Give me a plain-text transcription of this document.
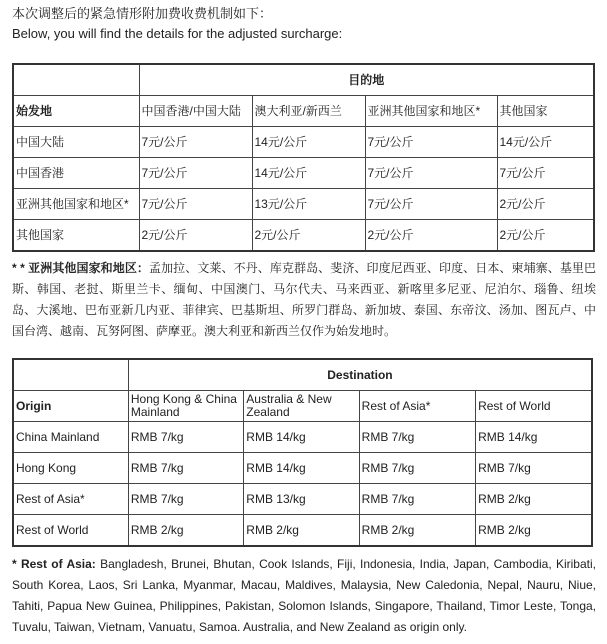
本次调整后的紧急情形附加费收费机制如下：
Below, you will find the details for the adjusted surcharge:
	目的地			
始发地	中国香港/中国大陆	澳大利亚/新西兰	亚洲其他国家和地区*	其他国家
中国大陆	7元/公斤	14元/公斤	7元/公斤	14元/公斤
中国香港	7元/公斤	14元/公斤	7元/公斤	7元/公斤
亚洲其他国家和地区*	7元/公斤	13元/公斤	7元/公斤	2元/公斤
其他国家	2元/公斤	2元/公斤	2元/公斤	2元/公斤
* * 亚洲其他国家和地区：孟加拉、文莱、不丹、库克群岛、斐济、印度尼西亚、印度、日本、柬埔寨、基里巴斯、韩国、老挝、斯里兰卡、缅甸、中国澳门、马尔代夫、马来西亚、新喀里多尼亚、尼泊尔、瑙鲁、纽埃岛、大溪地、巴布亚新几内亚、菲律宾、巴基斯坦、所罗门群岛、新加坡、泰国、东帝汶、汤加、图瓦卢、中国台湾、越南、瓦努阿图、萨摩亚。澳大利亚和新西兰仅作为始发地时。
	Destination			
Origin	Hong Kong & China Mainland	Australia & New Zealand	Rest of Asia*	Rest of World
China Mainland	RMB 7/kg	RMB 14/kg	RMB 7/kg	RMB 14/kg
Hong Kong	RMB 7/kg	RMB 14/kg	RMB 7/kg	RMB 7/kg
Rest of Asia*	RMB 7/kg	RMB 13/kg	RMB 7/kg	RMB 2/kg
Rest of World	RMB 2/kg	RMB 2/kg	RMB 2/kg	RMB 2/kg
* Rest of Asia: Bangladesh, Brunei, Bhutan, Cook Islands, Fiji, Indonesia, India, Japan, Cambodia, Kiribati, South Korea, Laos, Sri Lanka, Myanmar, Macau, Maldives, Malaysia, New Caledonia, Nepal, Nauru, Niue, Tahiti, Papua New Guinea, Philippines, Pakistan, Solomon Islands, Singapore, Thailand, Timor Leste, Tonga, Tuvalu, Taiwan, Vietnam, Vanuatu, Samoa. Australia, and New Zealand as origin only.
